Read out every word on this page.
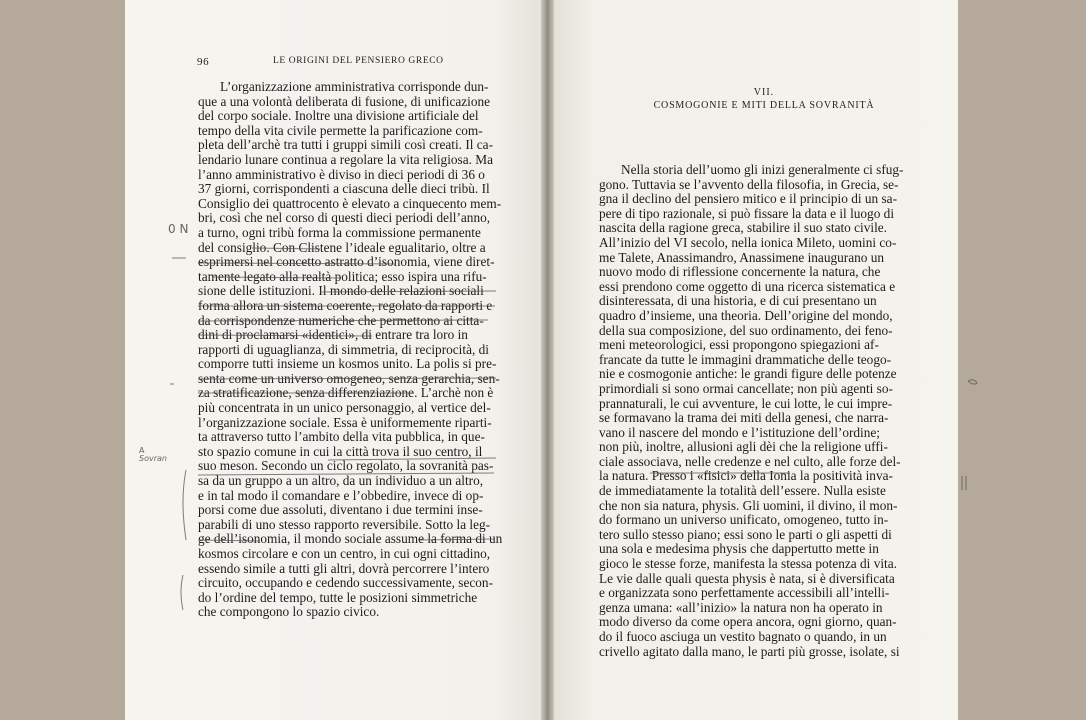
96	LE ORIGINI DEL PENSIERO GRECO
L’organizzazione amministrativa corrisponde dun-
que a una volontà deliberata di fusione, di unificazione
del corpo sociale. Inoltre una divisione artificiale del
tempo della vita civile permette la parificazione com-
pleta dell’archè tra tutti i gruppi simili così creati. Il ca-
lendario lunare continua a regolare la vita religiosa. Ma
l’anno amministrativo è diviso in dieci periodi di 36 o
37 giorni, corrispondenti a ciascuna delle dieci tribù. Il
Consiglio dei quattrocento è elevato a cinquecento mem-
bri, così che nel corso di questi dieci periodi dell’anno,
a turno, ogni tribù forma la commissione permanente
del consiglio. Con Clistene l’ideale egualitario, oltre a
esprimersi nel concetto astratto d’isonomia, viene diret-
tamente legato alla realtà politica; esso ispira una rifu-
sione delle istituzioni. Il mondo delle relazioni sociali
forma allora un sistema coerente, regolato da rapporti e
da corrispondenze numeriche che permettono ai citta-
dini di proclamarsi «identici», di entrare tra loro in
rapporti di uguaglianza, di simmetria, di reciprocità, di
comporre tutti insieme un kosmos unito. La polis si pre-
senta come un universo omogeneo, senza gerarchia, sen-
za stratificazione, senza differenziazione. L’archè non è
più concentrata in un unico personaggio, al vertice del-
l’organizzazione sociale. Essa è uniformemente riparti-
ta attraverso tutto l’ambito della vita pubblica, in que-
sto spazio comune in cui la città trova il suo centro, il
suo meson. Secondo un ciclo regolato, la sovranità pas-
sa da un gruppo a un altro, da un individuo a un altro,
e in tal modo il comandare e l’obbedire, invece di op-
porsi come due assoluti, diventano i due termini inse-
parabili di uno stesso rapporto reversibile. Sotto la leg-
ge dell’isonomia, il mondo sociale assume la forma di un
kosmos circolare e con un centro, in cui ogni cittadino,
essendo simile a tutti gli altri, dovrà percorrere l’intero
circuito, occupando e cedendo successivamente, secon-
do l’ordine del tempo, tutte le posizioni simmetriche
che compongono lo spazio civico.
0 N
A
Sovran
VII.
COSMOGONIE E MITI DELLA SOVRANITÀ
Nella storia dell’uomo gli inizi generalmente ci sfug-
gono. Tuttavia se l’avvento della filosofia, in Grecia, se-
gna il declino del pensiero mitico e il principio di un sa-
pere di tipo razionale, si può fissare la data e il luogo di
nascita della ragione greca, stabilire il suo stato civile.
All’inizio del VI secolo, nella ionica Mileto, uomini co-
me Talete, Anassimandro, Anassimene inaugurano un
nuovo modo di riflessione concernente la natura, che
essi prendono come oggetto di una ricerca sistematica e
disinteressata, di una historia, e di cui presentano un
quadro d’insieme, una theoria. Dell’origine del mondo,
della sua composizione, del suo ordinamento, dei feno-
meni meteorologici, essi propongono spiegazioni af-
francate da tutte le immagini drammatiche delle teogo-
nie e cosmogonie antiche: le grandi figure delle potenze
primordiali si sono ormai cancellate; non più agenti so-
prannaturali, le cui avventure, le cui lotte, le cui impre-
se formavano la trama dei miti della genesi, che narra-
vano il nascere del mondo e l’istituzione dell’ordine;
non più, inoltre, allusioni agli dèi che la religione uffi-
ciale associava, nelle credenze e nel culto, alle forze del-
la natura. Presso i «fisici» della Ionia la positività inva-
de immediatamente la totalità dell’essere. Nulla esiste
che non sia natura, physis. Gli uomini, il divino, il mon-
do formano un universo unificato, omogeneo, tutto in-
tero sullo stesso piano; essi sono le parti o gli aspetti di
una sola e medesima physis che dappertutto mette in
gioco le stesse forze, manifesta la stessa potenza di vita.
Le vie dalle quali questa physis è nata, si è diversificata
e organizzata sono perfettamente accessibili all’intelli-
genza umana: «all’inizio» la natura non ha operato in
modo diverso da come opera ancora, ogni giorno, quan-
do il fuoco asciuga un vestito bagnato o quando, in un
crivello agitato dalla mano, le parti più grosse, isolate, si
